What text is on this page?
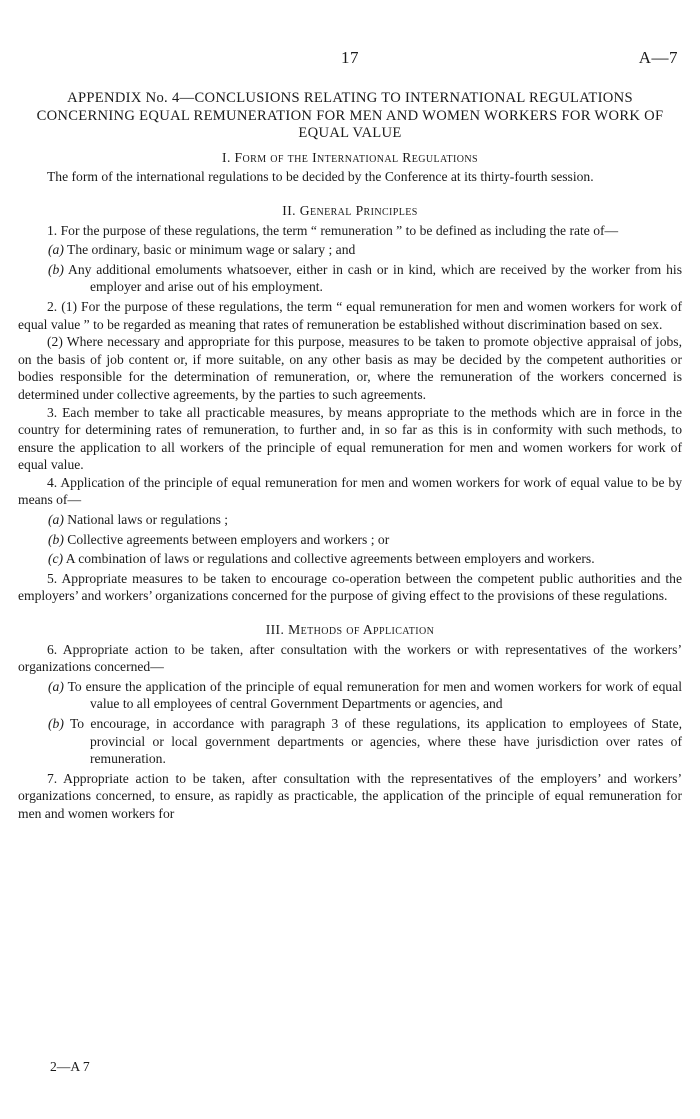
17	A—7
APPENDIX No. 4—CONCLUSIONS RELATING TO INTERNATIONAL REGULATIONS CONCERNING EQUAL REMUNERATION FOR MEN AND WOMEN WORKERS FOR WORK OF EQUAL VALUE
I. Form of the International Regulations

The form of the international regulations to be decided by the Conference at its thirty-fourth session.

II. General Principles

1. For the purpose of these regulations, the term “ remuneration ” to be defined as including the rate of—

(a) The ordinary, basic or minimum wage or salary ; and
(b) Any additional emoluments whatsoever, either in cash or in kind, which are received by the worker from his employer and arise out of his employment.

2. (1) For the purpose of these regulations, the term “ equal remuneration for men and women workers for work of equal value ” to be regarded as meaning that rates of remuneration be established without discrimination based on sex.

(2) Where necessary and appropriate for this purpose, measures to be taken to promote objective appraisal of jobs, on the basis of job content or, if more suitable, on any other basis as may be decided by the competent authorities or bodies responsible for the determination of remuneration, or, where the remuneration of the workers concerned is determined under collective agreements, by the parties to such agreements.

3. Each member to take all practicable measures, by means appropriate to the methods which are in force in the country for determining rates of remuneration, to further and, in so far as this is in conformity with such methods, to ensure the application to all workers of the principle of equal remuneration for men and women workers for work of equal value.

4. Application of the principle of equal remuneration for men and women workers for work of equal value to be by means of—

(a) National laws or regulations ;
(b) Collective agreements between employers and workers ; or
(c) A combination of laws or regulations and collective agreements between employers and workers.

5. Appropriate measures to be taken to encourage co-operation between the competent public authorities and the employers’ and workers’ organizations concerned for the purpose of giving effect to the provisions of these regulations.

III. Methods of Application

6. Appropriate action to be taken, after consultation with the workers or with representatives of the workers’ organizations concerned—

(a) To ensure the application of the principle of equal remuneration for men and women workers for work of equal value to all employees of central Government Departments or agencies, and
(b) To encourage, in accordance with paragraph 3 of these regulations, its application to employees of State, provincial or local government departments or agencies, where these have jurisdiction over rates of remuneration.

7. Appropriate action to be taken, after consultation with the representatives of the employers’ and workers’ organizations concerned, to ensure, as rapidly as practicable, the application of the principle of equal remuneration for men and women workers for

2—A 7
